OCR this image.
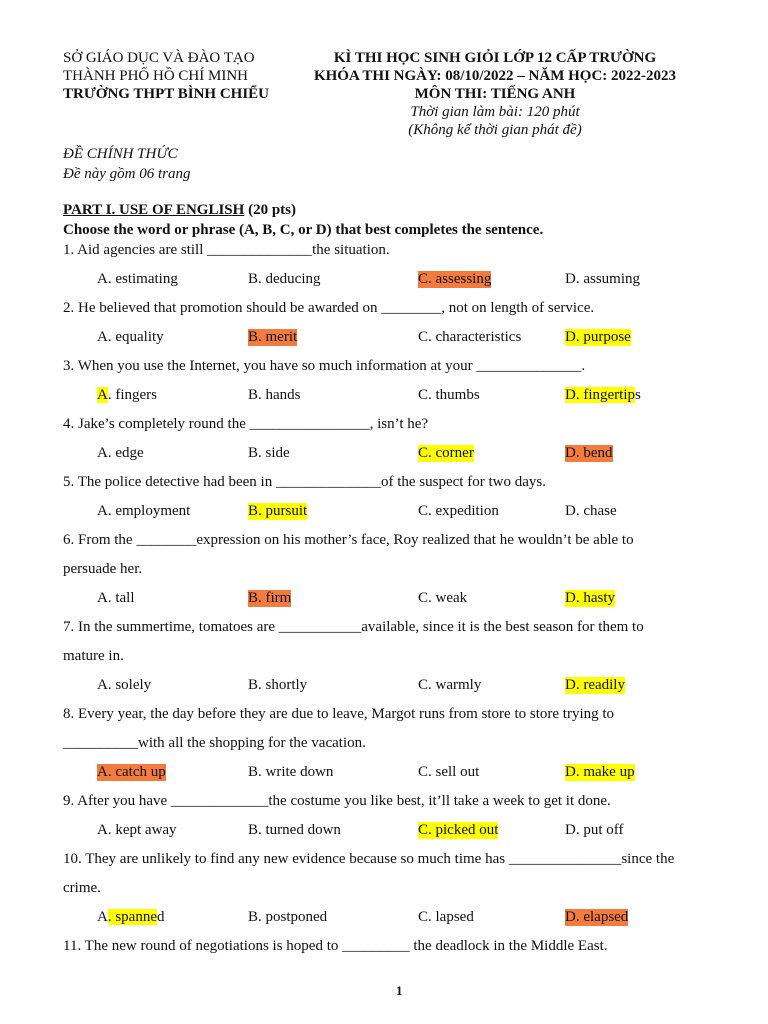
SỞ GIÁO DỤC VÀ ĐÀO TẠO
THÀNH PHỐ HỒ CHÍ MINH
TRƯỜNG THPT BÌNH CHIỂU
KÌ THI HỌC SINH GIỎI LỚP 12 CẤP TRƯỜNG
KHÓA THI NGÀY: 08/10/2022 – NĂM HỌC: 2022-2023
MÔN THI: TIẾNG ANH
Thời gian làm bài: 120 phút
(Không kể thời gian phát đề)
ĐỀ CHÍNH THỨC
Đề này gồm 06 trang
PART I. USE OF ENGLISH (20 pts)
Choose the word or phrase (A, B, C, or D) that best completes the sentence.
1. Aid agencies are still ______________the situation.
A. estimating	B. deducing	C. assessing	D. assuming
2. He believed that promotion should be awarded on ________, not on length of service.
A. equality	B. merit	C. characteristics	D. purpose
3. When you use the Internet, you have so much information at your ______________.
A. fingers	B. hands	C. thumbs	D. fingertips
4. Jake’s completely round the ________________, isn’t he?
A. edge	B. side	C. corner	D. bend
5. The police detective had been in ______________of the suspect for two days.
A. employment	B. pursuit	C. expedition	D. chase
6. From the ________expression on his mother’s face, Roy realized that he wouldn’t be able to
persuade her.
A. tall	B. firm	C. weak	D. hasty
7. In the summertime, tomatoes are ___________available, since it is the best season for them to
mature in.
A. solely	B. shortly	C. warmly	D. readily
8. Every year, the day before they are due to leave, Margot runs from store to store trying to
__________with all the shopping for the vacation.
A. catch up	B. write down	C. sell out	D. make up
9. After you have _____________the costume you like best, it’ll take a week to get it done.
A. kept away	B. turned down	C. picked out	D. put off
10. They are unlikely to find any new evidence because so much time has _______________since the
crime.
A. spanned	B. postponed	C. lapsed	D. elapsed
11. The new round of negotiations is hoped to _________ the deadlock in the Middle East.
1
